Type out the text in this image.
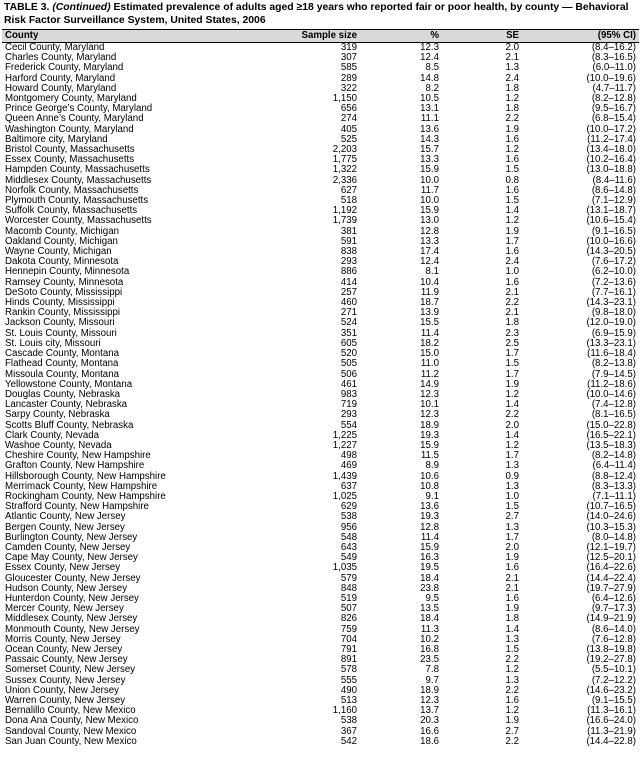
TABLE 3. (Continued) Estimated prevalence of adults aged ≥18 years who reported fair or poor health, by county — Behavioral Risk Factor Surveillance System, United States, 2006
County	Sample size	%	SE	(95% CI)
Cecil County, Maryland	319	12.3	2.0	(8.4–16.2)
Charles County, Maryland	307	12.4	2.1	(8.3–16.5)
Frederick County, Maryland	585	8.5	1.3	(6.0–11.0)
Harford County, Maryland	289	14.8	2.4	(10.0–19.6)
Howard County, Maryland	322	8.2	1.8	(4.7–11.7)
Montgomery County, Maryland	1,150	10.5	1.2	(8.2–12.8)
Prince George’s County, Maryland	656	13.1	1.8	(9.5–16.7)
Queen Anne’s County, Maryland	274	11.1	2.2	(6.8–15.4)
Washington County, Maryland	405	13.6	1.9	(10.0–17.2)
Baltimore city, Maryland	525	14.3	1.6	(11.2–17.4)
Bristol County, Massachusetts	2,203	15.7	1.2	(13.4–18.0)
Essex County, Massachusetts	1,775	13.3	1.6	(10.2–16.4)
Hampden County, Massachusetts	1,322	15.9	1.5	(13.0–18.8)
Middlesex County, Massachusetts	2,336	10.0	0.8	(8.4–11.6)
Norfolk County, Massachusetts	627	11.7	1.6	(8.6–14.8)
Plymouth County, Massachusetts	518	10.0	1.5	(7.1–12.9)
Suffolk County, Massachusetts	1,192	15.9	1.4	(13.1–18.7)
Worcester County, Massachusetts	1,739	13.0	1.2	(10.6–15.4)
Macomb County, Michigan	381	12.8	1.9	(9.1–16.5)
Oakland County, Michigan	591	13.3	1.7	(10.0–16.6)
Wayne County, Michigan	838	17.4	1.6	(14.3–20.5)
Dakota County, Minnesota	293	12.4	2.4	(7.6–17.2)
Hennepin County, Minnesota	886	8.1	1.0	(6.2–10.0)
Ramsey County, Minnesota	414	10.4	1.6	(7.2–13.6)
DeSoto County, Mississippi	257	11.9	2.1	(7.7–16.1)
Hinds County, Mississippi	460	18.7	2.2	(14.3–23.1)
Rankin County, Mississippi	271	13.9	2.1	(9.8–18.0)
Jackson County, Missouri	524	15.5	1.8	(12.0–19.0)
St. Louis County, Missouri	351	11.4	2.3	(6.9–15.9)
St. Louis city, Missouri	605	18.2	2.5	(13.3–23.1)
Cascade County, Montana	520	15.0	1.7	(11.6–18.4)
Flathead County, Montana	505	11.0	1.5	(8.2–13.8)
Missoula County, Montana	506	11.2	1.7	(7.9–14.5)
Yellowstone County, Montana	461	14.9	1.9	(11.2–18.6)
Douglas County, Nebraska	983	12.3	1.2	(10.0–14.6)
Lancaster County, Nebraska	719	10.1	1.4	(7.4–12.8)
Sarpy County, Nebraska	293	12.3	2.2	(8.1–16.5)
Scotts Bluff County, Nebraska	554	18.9	2.0	(15.0–22.8)
Clark County, Nevada	1,225	19.3	1.4	(16.5–22.1)
Washoe County, Nevada	1,227	15.9	1.2	(13.5–18.3)
Cheshire County, New Hampshire	498	11.5	1.7	(8.2–14.8)
Grafton County, New Hampshire	469	8.9	1.3	(6.4–11.4)
Hillsborough County, New Hampshire	1,439	10.6	0.9	(8.8–12.4)
Merrimack County, New Hampshire	637	10.8	1.3	(8.3–13.3)
Rockingham County, New Hampshire	1,025	9.1	1.0	(7.1–11.1)
Strafford County, New Hampshire	629	13.6	1.5	(10.7–16.5)
Atlantic County, New Jersey	538	19.3	2.7	(14.0–24.6)
Bergen County, New Jersey	956	12.8	1.3	(10.3–15.3)
Burlington County, New Jersey	548	11.4	1.7	(8.0–14.8)
Camden County, New Jersey	643	15.9	2.0	(12.1–19.7)
Cape May County, New Jersey	549	16.3	1.9	(12.5–20.1)
Essex County, New Jersey	1,035	19.5	1.6	(16.4–22.6)
Gloucester County, New Jersey	579	18.4	2.1	(14.4–22.4)
Hudson County, New Jersey	848	23.8	2.1	(19.7–27.9)
Hunterdon County, New Jersey	519	9.5	1.6	(6.4–12.6)
Mercer County, New Jersey	507	13.5	1.9	(9.7–17.3)
Middlesex County, New Jersey	826	18.4	1.8	(14.9–21.9)
Monmouth County, New Jersey	759	11.3	1.4	(8.6–14.0)
Morris County, New Jersey	704	10.2	1.3	(7.6–12.8)
Ocean County, New Jersey	791	16.8	1.5	(13.8–19.8)
Passaic County, New Jersey	891	23.5	2.2	(19.2–27.8)
Somerset County, New Jersey	578	7.8	1.2	(5.5–10.1)
Sussex County, New Jersey	555	9.7	1.3	(7.2–12.2)
Union County, New Jersey	490	18.9	2.2	(14.6–23.2)
Warren County, New Jersey	513	12.3	1.6	(9.1–15.5)
Bernalillo County, New Mexico	1,160	13.7	1.2	(11.3–16.1)
Dona Ana County, New Mexico	538	20.3	1.9	(16.6–24.0)
Sandoval County, New Mexico	367	16.6	2.7	(11.3–21.9)
San Juan County, New Mexico	542	18.6	2.2	(14.4–22.8)
